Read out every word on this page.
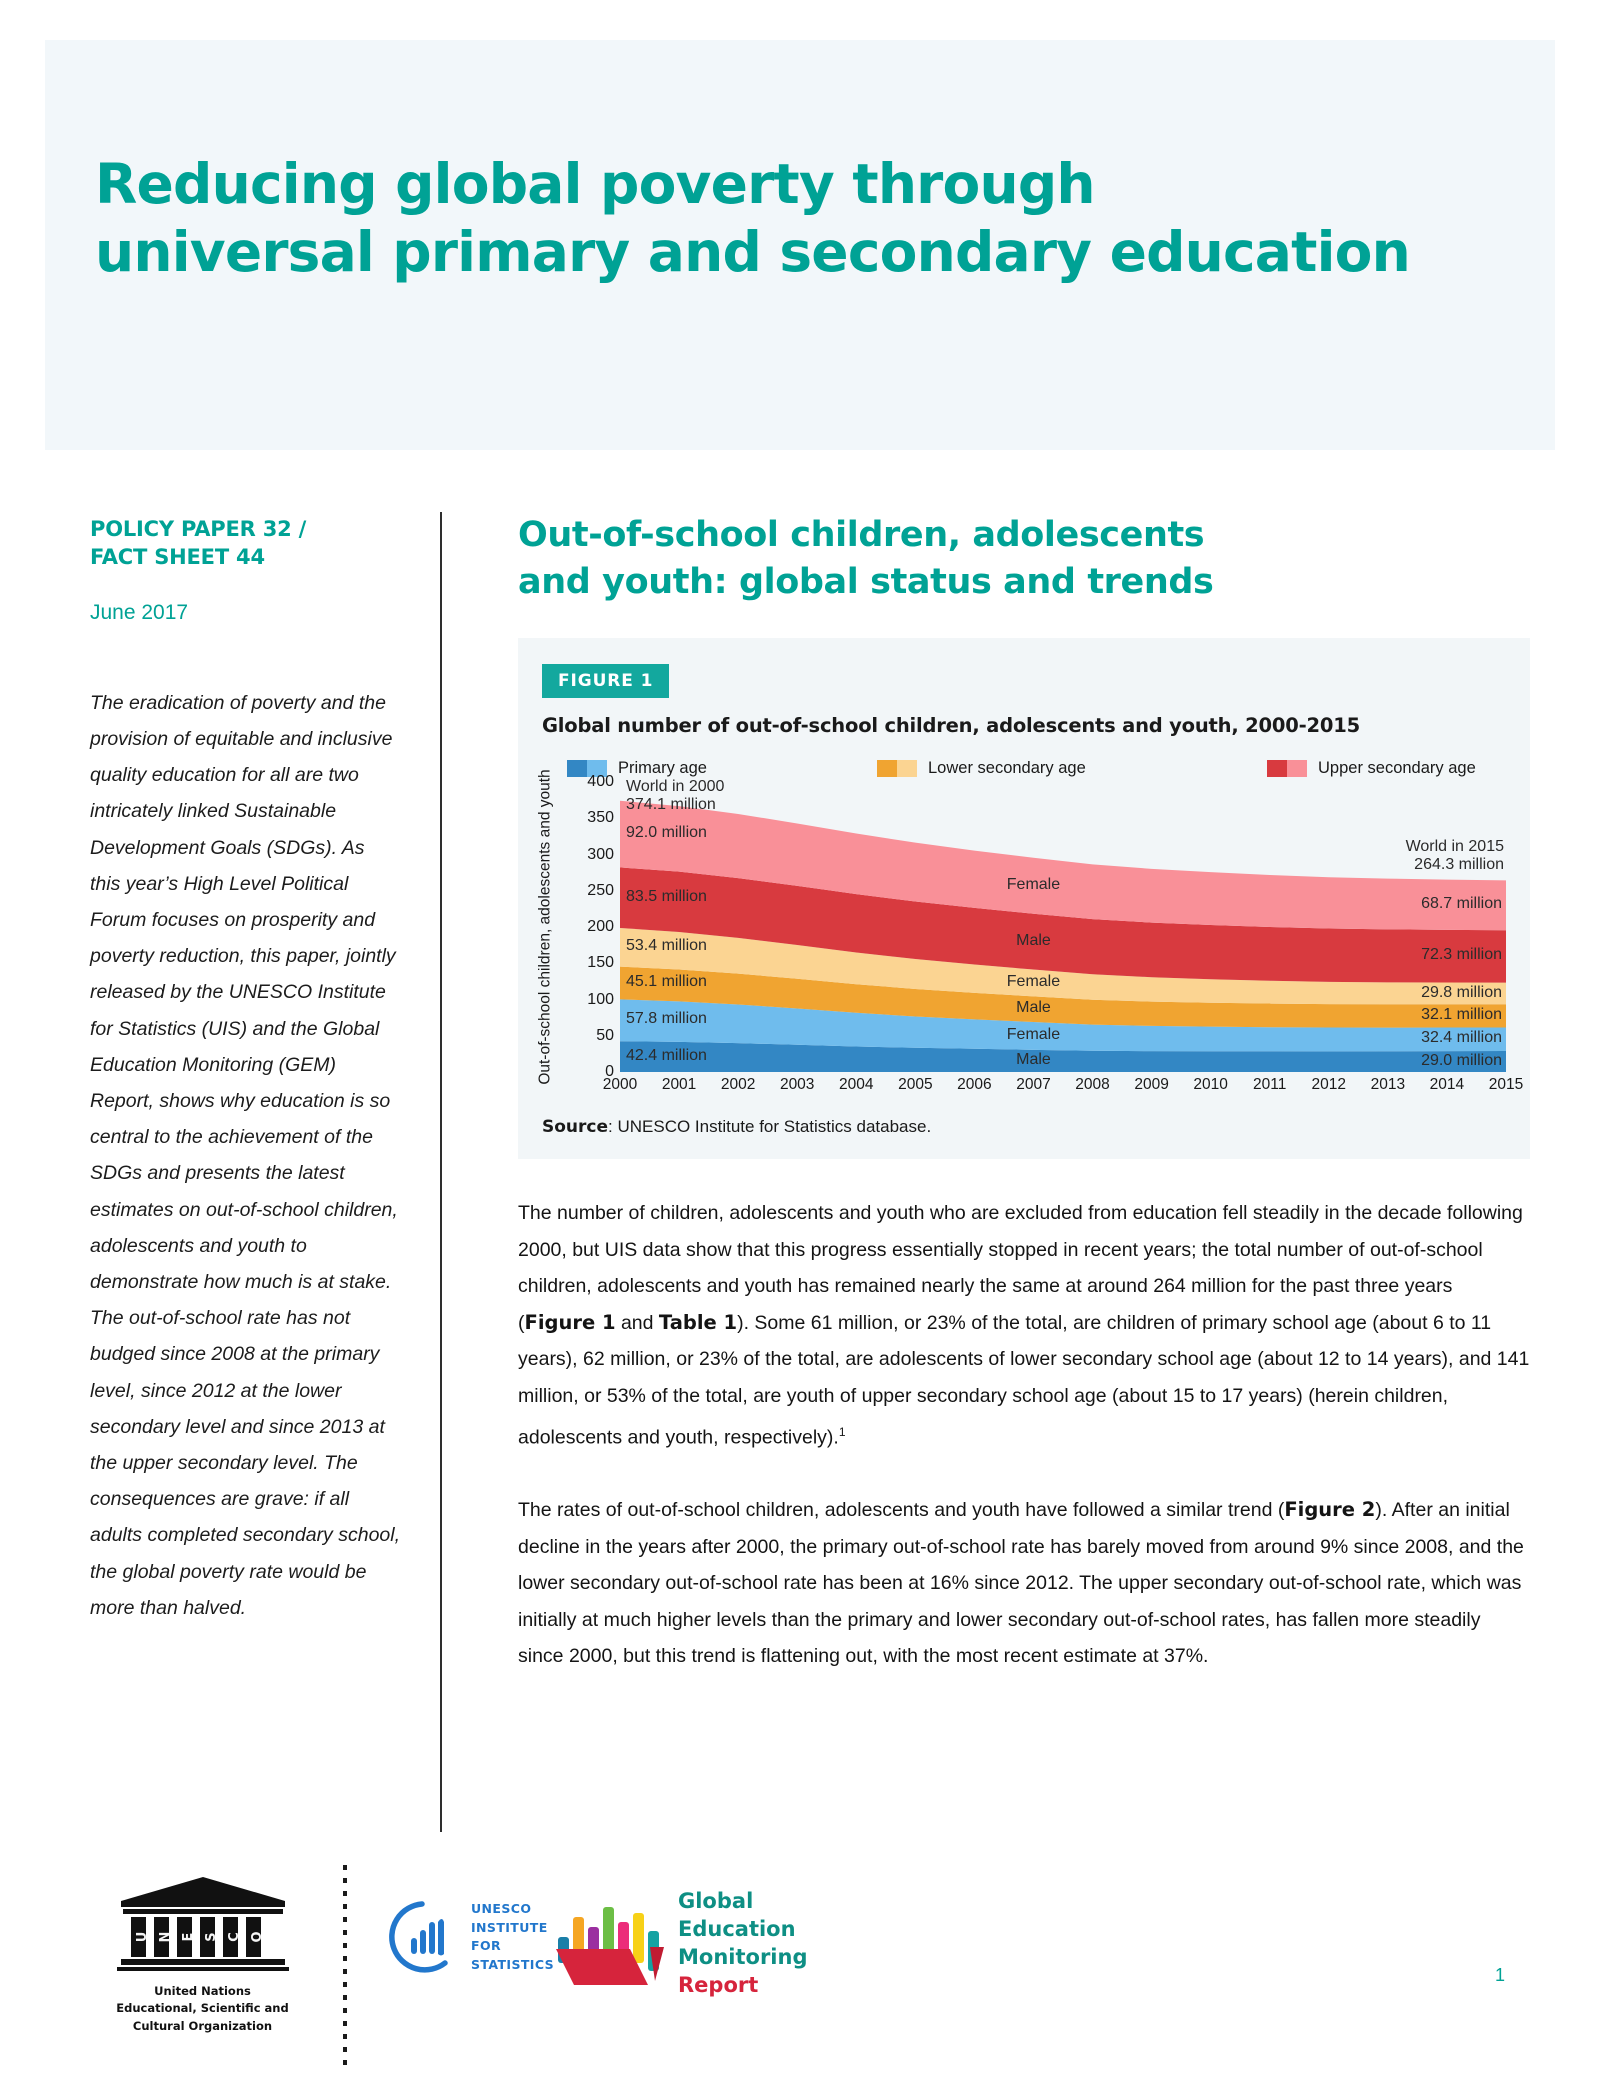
Reducing global poverty through
universal primary and secondary education
POLICY PAPER 32 /
FACT SHEET 44
June 2017
The eradication of poverty and the provision of equitable and inclusive quality education for all are two intricately linked Sustainable Development Goals (SDGs). As this year’s High Level Political Forum focuses on prosperity and poverty reduction, this paper, jointly released by the UNESCO Institute for Statistics (UIS) and the Global Education Monitoring (GEM) Report, shows why education is so central to the achievement of the SDGs and presents the latest estimates on out-of-school children, adolescents and youth to demonstrate how much is at stake. The out-of-school rate has not budged since 2008 at the primary level, since 2012 at the lower secondary level and since 2013 at the upper secondary level. The consequences are grave: if all adults completed secondary school, the global poverty rate would be more than halved.
Out-of-school children, adolescents
and youth: global status and trends
FIGURE 1
Global number of out-of-school children, adolescents and youth, 2000-2015
Primary age	Lower secondary age	Upper secondary age
Out-of-school children, adolescents and youth	0
50
100
150
200
250
300
350
400
2000 2001 2002 2003 2004 2005 2006 2007 2008 2009 2010 2011 2012 2013 2014 2015
World in 2000
374.1 million
World in 2015
264.3 million
92.0 million
68.7 million
Female
83.5 million
72.3 million
Male
53.4 million
29.8 million
Female
45.1 million
32.1 million
Male
57.8 million
32.4 million
Female
42.4 million	29.0 million
Male
Source: UNESCO Institute for Statistics database.

The number of children, adolescents and youth who are excluded from education fell steadily in the decade following 2000, but UIS data show that this progress essentially stopped in recent years; the total number of out-of-school children, adolescents and youth has remained nearly the same at around 264 million for the past three years (Figure 1 and Table 1). Some 61 million, or 23% of the total, are children of primary school age (about 6 to 11 years), 62 million, or 23% of the total, are adolescents of lower secondary school age (about 12 to 14 years), and 141 million, or 53% of the total, are youth of upper secondary school age (about 15 to 17 years) (herein children, adolescents and youth, respectively).$^1$

The rates of out-of-school children, adolescents and youth have followed a similar trend (Figure 2). After an initial decline in the years after 2000, the primary out-of-school rate has barely moved from around 9% since 2008, and the lower secondary out-of-school rate has been at 16% since 2012. The upper secondary out-of-school rate, which was initially at much higher levels than the primary and lower secondary out-of-school rates, has fallen more steadily since 2000, but this trend is flattening out, with the most recent estimate at 37%.

U N E S C O
United Nations
Educational, Scientific and
Cultural Organization
UNESCO
INSTITUTE
FOR
STATISTICS
Global
Education
Monitoring
Report	1
